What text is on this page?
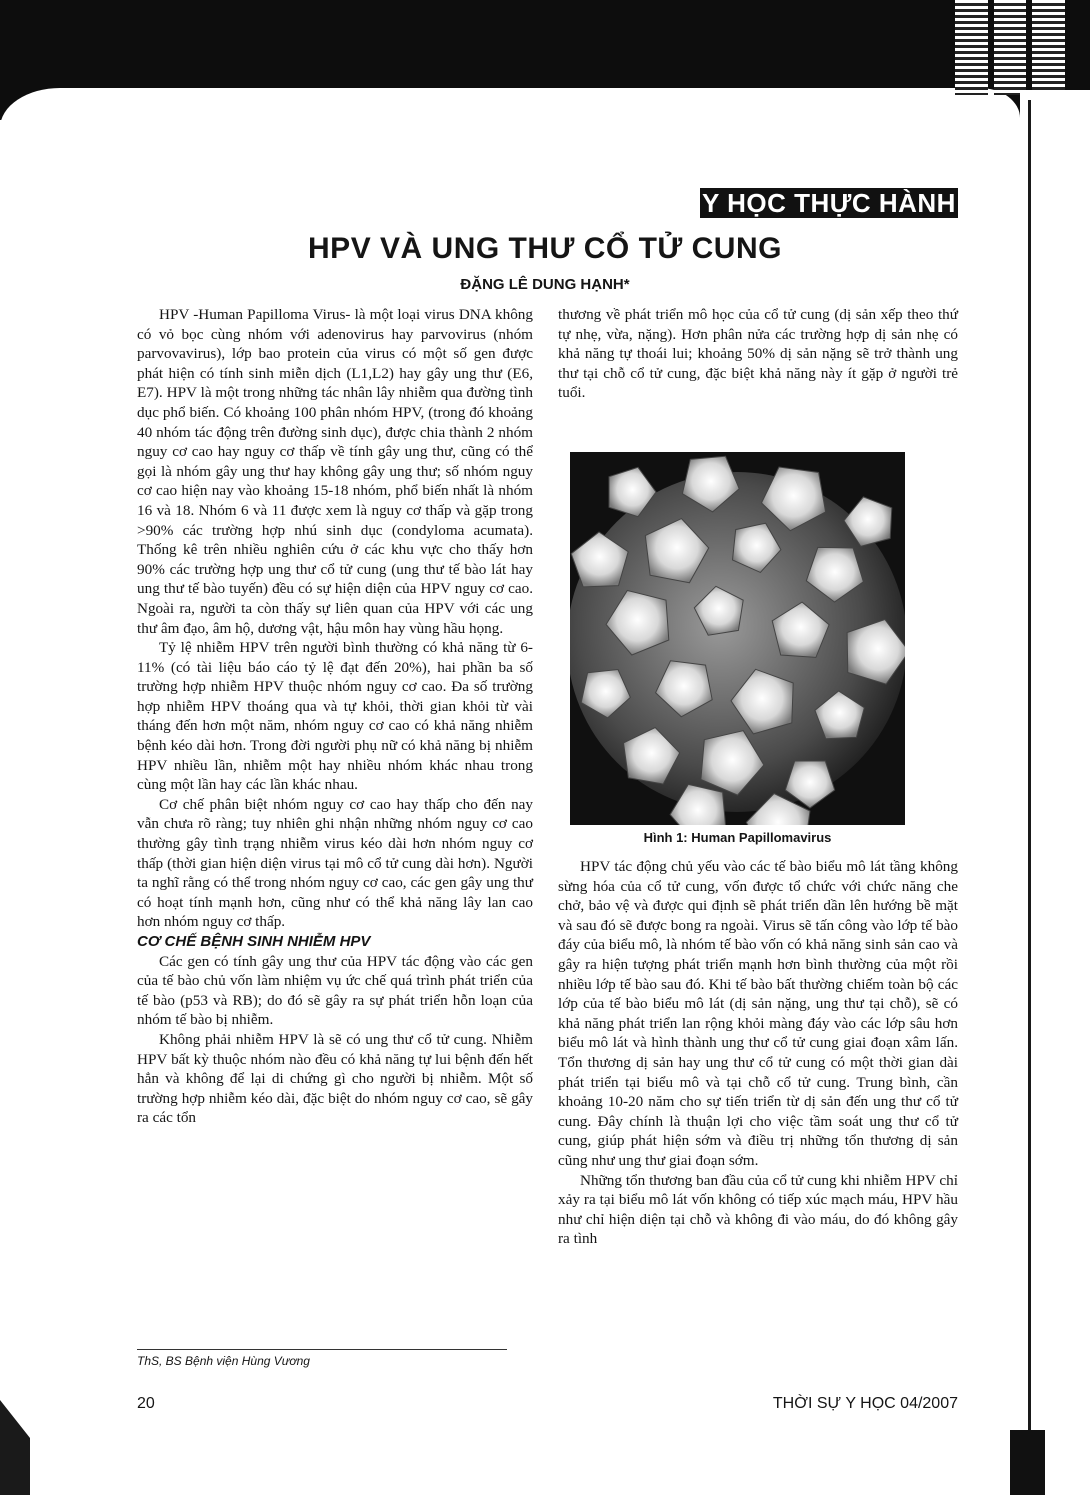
Y HỌC THỰC HÀNH
HPV VÀ UNG THƯ CỔ TỬ CUNG
ĐẶNG LÊ DUNG HẠNH*

HPV -Human Papilloma Virus- là một loại virus DNA không có vỏ bọc cùng nhóm với adenovirus hay parvovirus (nhóm parvovavirus), lớp bao protein của virus có một số gen được phát hiện có tính sinh miễn dịch (L1,L2) hay gây ung thư (E6, E7). HPV là một trong những tác nhân lây nhiễm qua đường tình dục phổ biến. Có khoảng 100 phân nhóm HPV, (trong đó khoảng 40 nhóm tác động trên đường sinh dục), được chia thành 2 nhóm nguy cơ cao hay nguy cơ thấp về tính gây ung thư, cũng có thể gọi là nhóm gây ung thư hay không gây ung thư; số nhóm nguy cơ cao hiện nay vào khoảng 15-18 nhóm, phổ biến nhất là nhóm 16 và 18. Nhóm 6 và 11 được xem là nguy cơ thấp và gặp trong >90% các trường hợp nhú sinh dục (condyloma acumata). Thống kê trên nhiều nghiên cứu ở các khu vực cho thấy hơn 90% các trường hợp ung thư cổ tử cung (ung thư tế bào lát hay ung thư tế bào tuyến) đều có sự hiện diện của HPV nguy cơ cao. Ngoài ra, người ta còn thấy sự liên quan của HPV với các ung thư âm đạo, âm hộ, dương vật, hậu môn hay vùng hầu họng.

Tỷ lệ nhiễm HPV trên người bình thường có khả năng từ 6-11% (có tài liệu báo cáo tỷ lệ đạt đến 20%), hai phần ba số trường hợp nhiễm HPV thuộc nhóm nguy cơ cao. Đa số trường hợp nhiễm HPV thoáng qua và tự khỏi, thời gian khỏi từ vài tháng đến hơn một năm, nhóm nguy cơ cao có khả năng nhiễm bệnh kéo dài hơn. Trong đời người phụ nữ có khả năng bị nhiễm HPV nhiều lần, nhiễm một hay nhiều nhóm khác nhau trong cùng một lần hay các lần khác nhau.

Cơ chế phân biệt nhóm nguy cơ cao hay thấp cho đến nay vẫn chưa rõ ràng; tuy nhiên ghi nhận những nhóm nguy cơ cao thường gây tình trạng nhiễm virus kéo dài hơn nhóm nguy cơ thấp (thời gian hiện diện virus tại mô cổ tử cung dài hơn). Người ta nghĩ rằng có thể trong nhóm nguy cơ cao, các gen gây ung thư có hoạt tính mạnh hơn, cũng như có thể khả năng lây lan cao hơn nhóm nguy cơ thấp.

CƠ CHẾ BỆNH SINH NHIỄM HPV

Các gen có tính gây ung thư của HPV tác động vào các gen của tế bào chủ vốn làm nhiệm vụ ức chế quá trình phát triển của tế bào (p53 và RB); do đó sẽ gây ra sự phát triển hỗn loạn của nhóm tế bào bị nhiễm.

Không phải nhiễm HPV là sẽ có ung thư cổ tử cung. Nhiễm HPV bất kỳ thuộc nhóm nào đều có khả năng tự lui bệnh đến hết hẳn và không để lại di chứng gì cho người bị nhiễm. Một số trường hợp nhiễm kéo dài, đặc biệt do nhóm nguy cơ cao, sẽ gây ra các tổn

thương về phát triển mô học của cổ tử cung (dị sản xếp theo thứ tự nhẹ, vừa, nặng). Hơn phân nửa các trường hợp dị sản nhẹ có khả năng tự thoái lui; khoảng 50% dị sản nặng sẽ trở thành ung thư tại chỗ cổ tử cung, đặc biệt khả năng này ít gặp ở người trẻ tuổi.

Hình 1: Human Papillomavirus

HPV tác động chủ yếu vào các tế bào biểu mô lát tầng không sừng hóa của cổ tử cung, vốn được tổ chức với chức năng che chở, bảo vệ và được qui định sẽ phát triển dần lên hướng bề mặt và sau đó sẽ được bong ra ngoài. Virus sẽ tấn công vào lớp tế bào đáy của biểu mô, là nhóm tế bào vốn có khả năng sinh sản cao và gây ra hiện tượng phát triển mạnh hơn bình thường của một rồi nhiều lớp tế bào sau đó. Khi tế bào bất thường chiếm toàn bộ các lớp của tế bào biểu mô lát (dị sản nặng, ung thư tại chỗ), sẽ có khả năng phát triển lan rộng khỏi màng đáy vào các lớp sâu hơn biểu mô lát và hình thành ung thư cổ tử cung giai đoạn xâm lấn. Tổn thương dị sản hay ung thư cổ tử cung có một thời gian dài phát triển tại biểu mô và tại chỗ cổ tử cung. Trung bình, cần khoảng 10-20 năm cho sự tiến triển từ dị sản đến ung thư cổ tử cung. Đây chính là thuận lợi cho việc tầm soát ung thư cổ tử cung, giúp phát hiện sớm và điều trị những tổn thương dị sản cũng như ung thư giai đoạn sớm.

Những tổn thương ban đầu của cổ tử cung khi nhiễm HPV chỉ xảy ra tại biểu mô lát vốn không có tiếp xúc mạch máu, HPV hầu như chỉ hiện diện tại chỗ và không đi vào máu, do đó không gây ra tình

ThS, BS Bệnh viện Hùng Vương
20	THỜI SỰ Y HỌC 04/2007
